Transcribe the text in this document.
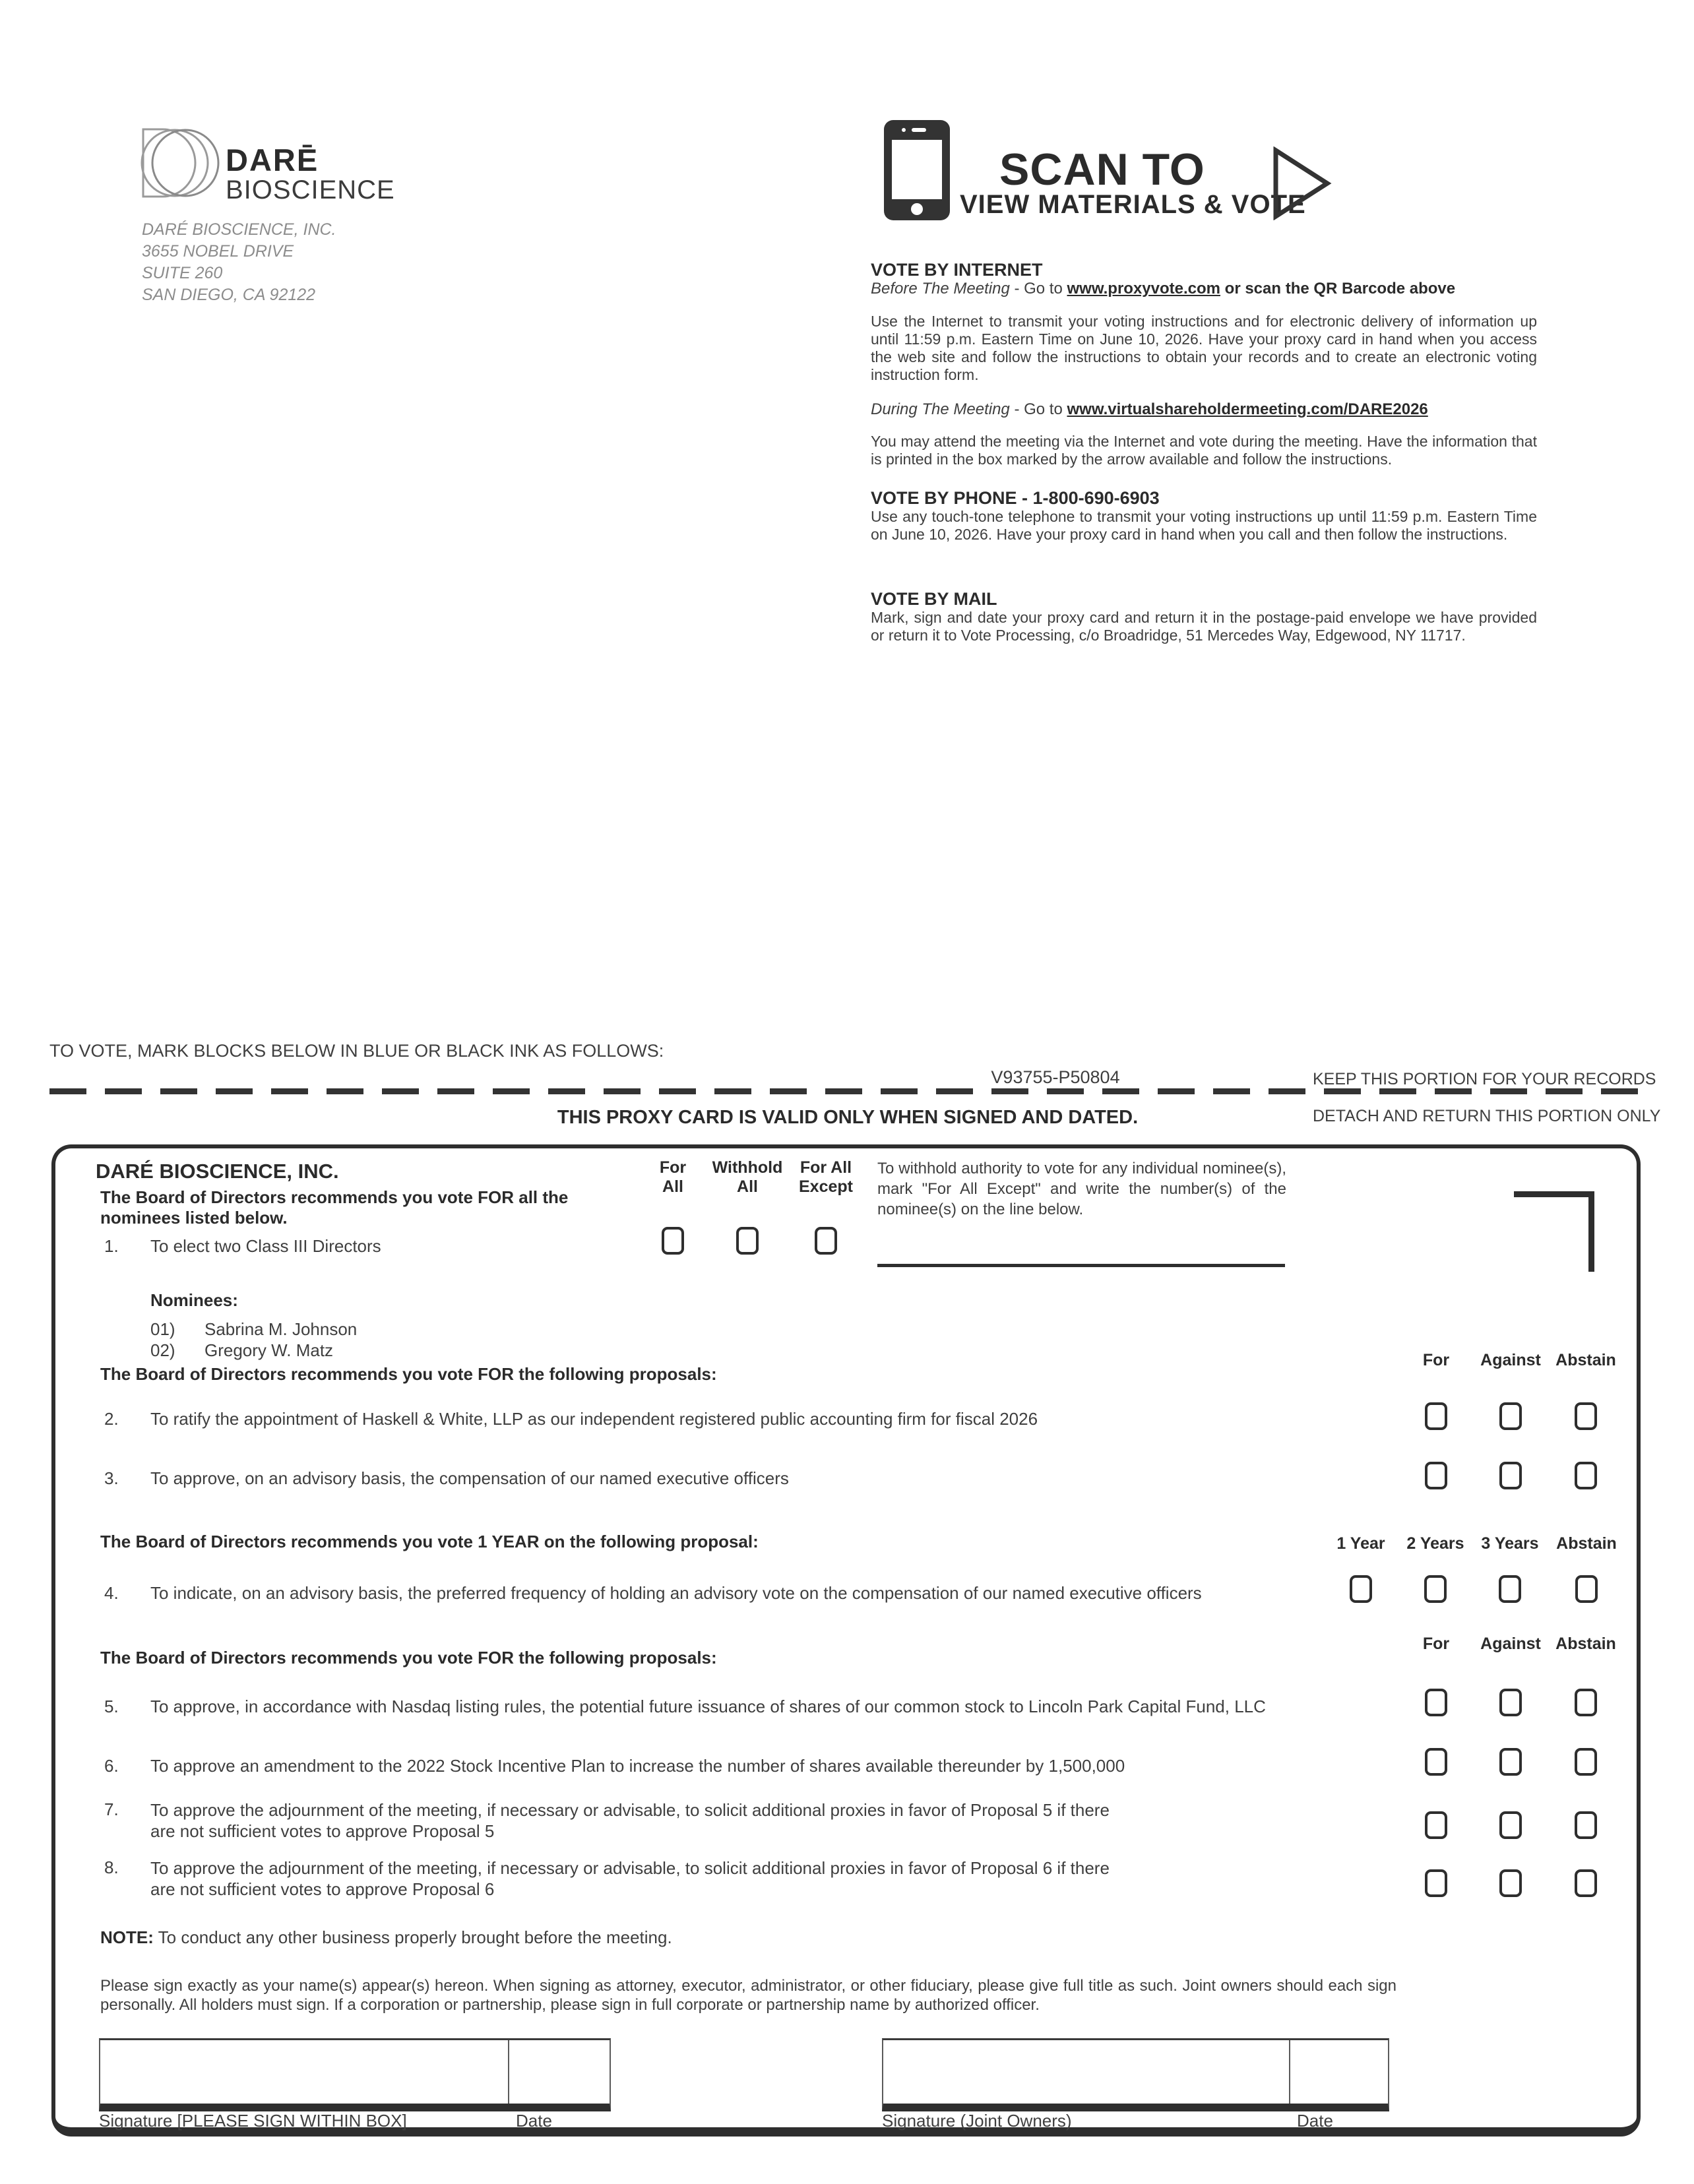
DARĒ
BIOSCIENCE
DARÉ BIOSCIENCE, INC.
3655 NOBEL DRIVE
SUITE 260
SAN DIEGO, CA 92122
SCAN TO
VIEW MATERIALS & VOTE
VOTE BY INTERNET
Before The Meeting - Go to www.proxyvote.com or scan the QR Barcode above
Use the Internet to transmit your voting instructions and for electronic delivery of information up until 11:59 p.m. Eastern Time on June 10, 2026. Have your proxy card in hand when you access the web site and follow the instructions to obtain your records and to create an electronic voting instruction form.
During The Meeting - Go to www.virtualshareholdermeeting.com/DARE2026
You may attend the meeting via the Internet and vote during the meeting. Have the information that is printed in the box marked by the arrow available and follow the instructions.
VOTE BY PHONE - 1-800-690-6903
Use any touch-tone telephone to transmit your voting instructions up until 11:59 p.m. Eastern Time on June 10, 2026. Have your proxy card in hand when you call and then follow the instructions.
VOTE BY MAIL
Mark, sign and date your proxy card and return it in the postage-paid envelope we have provided or return it to Vote Processing, c/o Broadridge, 51 Mercedes Way, Edgewood, NY 11717.
TO VOTE, MARK BLOCKS BELOW IN BLUE OR BLACK INK AS FOLLOWS:
V93755-P50804	KEEP THIS PORTION FOR YOUR RECORDS
THIS PROXY CARD IS VALID ONLY WHEN SIGNED AND DATED.	DETACH AND RETURN THIS PORTION ONLY
DARÉ BIOSCIENCE, INC.
The Board of Directors recommends you vote FOR all the nominees listed below.
For
All
Withhold
All
For All
Except
To withhold authority to vote for any individual nominee(s), mark "For All Except" and write the number(s) of the nominee(s) on the line below.
1. To elect two Class III Directors
Nominees:
01) Sabrina M. Johnson
02) Gregory W. Matz	For Against Abstain
The Board of Directors recommends you vote FOR the following proposals:
2. To ratify the appointment of Haskell & White, LLP as our independent registered public accounting firm for fiscal 2026
3. To approve, on an advisory basis, the compensation of our named executive officers
The Board of Directors recommends you vote 1 YEAR on the following proposal:	1 Year 2 Years 3 Years Abstain
4. To indicate, on an advisory basis, the preferred frequency of holding an advisory vote on the compensation of our named executive officers
For Against Abstain
The Board of Directors recommends you vote FOR the following proposals:
5. To approve, in accordance with Nasdaq listing rules, the potential future issuance of shares of our common stock to Lincoln Park Capital Fund, LLC
6. To approve an amendment to the 2022 Stock Incentive Plan to increase the number of shares available thereunder by 1,500,000
7. To approve the adjournment of the meeting, if necessary or advisable, to solicit additional proxies in favor of Proposal 5 if there are not sufficient votes to approve Proposal 5
8. To approve the adjournment of the meeting, if necessary or advisable, to solicit additional proxies in favor of Proposal 6 if there are not sufficient votes to approve Proposal 6
NOTE: To conduct any other business properly brought before the meeting.
Please sign exactly as your name(s) appear(s) hereon. When signing as attorney, executor, administrator, or other fiduciary, please give full title as such. Joint owners should each sign personally. All holders must sign. If a corporation or partnership, please sign in full corporate or partnership name by authorized officer.
Signature [PLEASE SIGN WITHIN BOX]	Date	Signature (Joint Owners)	Date
